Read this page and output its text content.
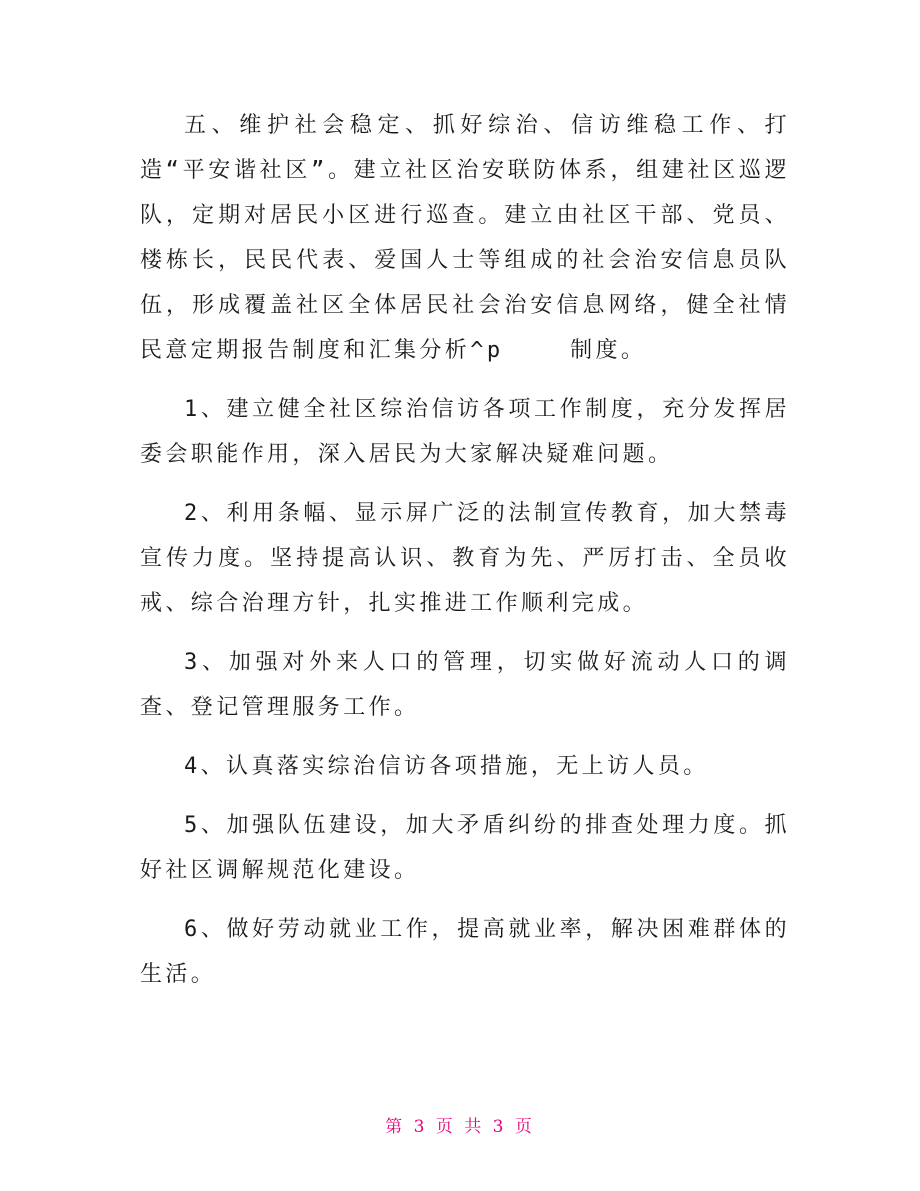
五、维护社会稳定、抓好综治、信访维稳工作、打造“平安谐社区”。建立社区治安联防体系，组建社区巡逻队，定期对居民小区进行巡查。建立由社区干部、党员、楼栋长，民民代表、爱国人士等组成的社会治安信息员队伍，形成覆盖社区全体居民社会治安信息网络，健全社情民意定期报告制度和汇集分析^p    制度。

1、建立健全社区综治信访各项工作制度，充分发挥居委会职能作用，深入居民为大家解决疑难问题。

2、利用条幅、显示屏广泛的法制宣传教育，加大禁毒宣传力度。坚持提高认识、教育为先、严厉打击、全员收戒、综合治理方针，扎实推进工作顺利完成。

3、加强对外来人口的管理，切实做好流动人口的调查、登记管理服务工作。

4、认真落实综治信访各项措施，无上访人员。

5、加强队伍建设，加大矛盾纠纷的排查处理力度。抓好社区调解规范化建设。

6、做好劳动就业工作，提高就业率，解决困难群体的生活。

第 3 页 共 3 页
